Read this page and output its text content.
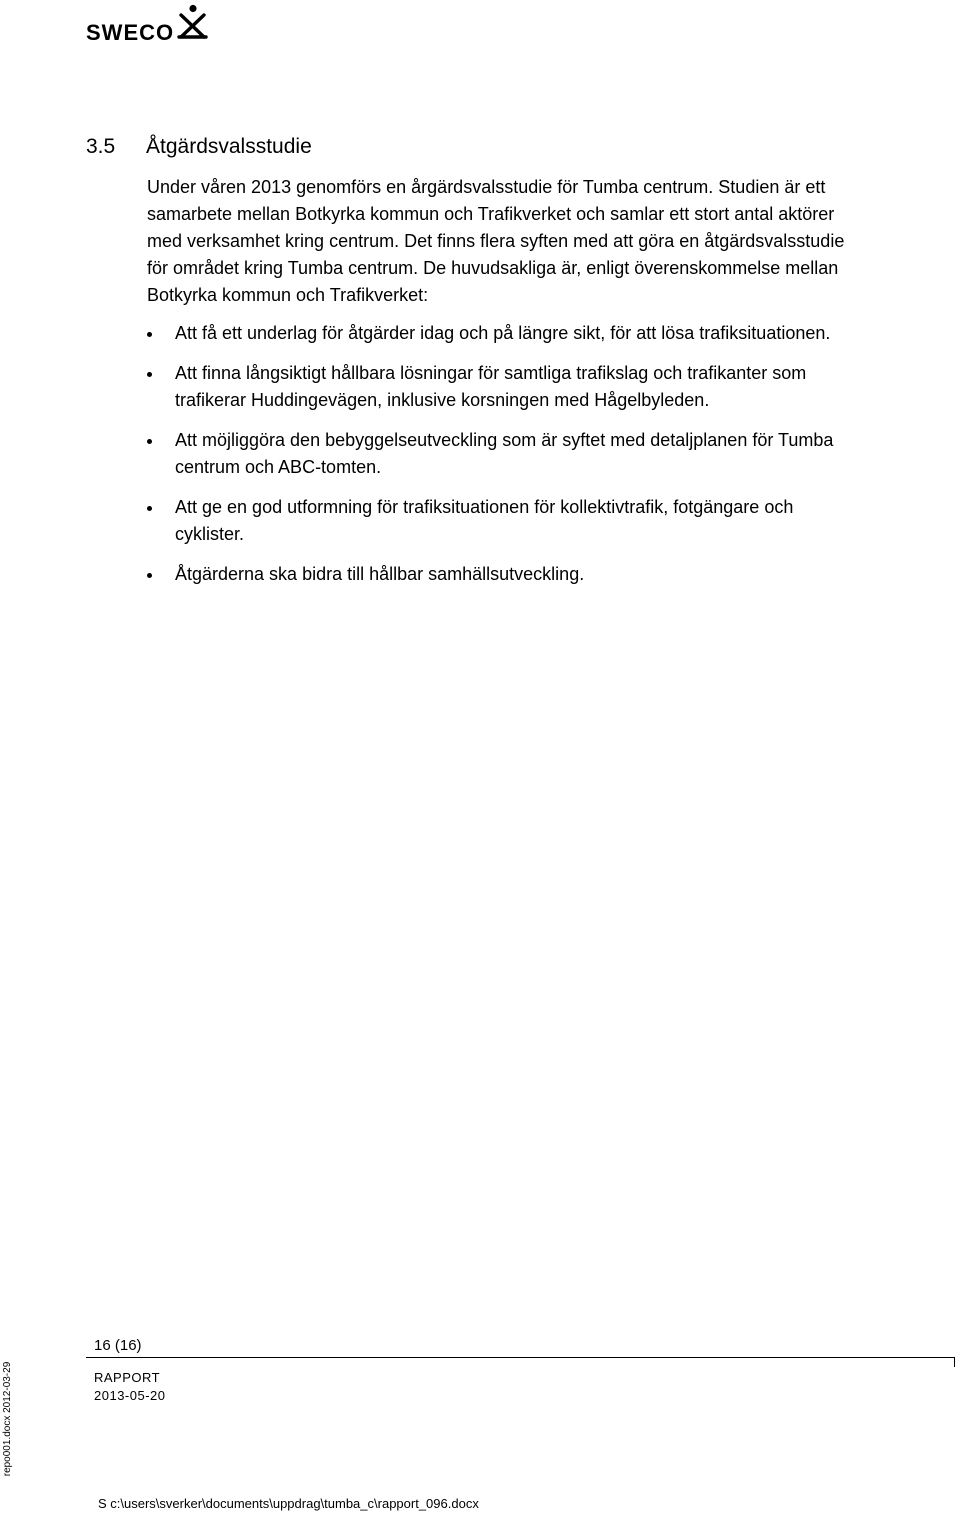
SWECO
3.5 Åtgärdsvalsstudie

Under våren 2013 genomförs en årgärdsvalsstudie för Tumba centrum. Studien är ett
samarbete mellan Botkyrka kommun och Trafikverket och samlar ett stort antal aktörer
med verksamhet kring centrum. Det finns flera syften med att göra en åtgärdsvalsstudie
för området kring Tumba centrum. De huvudsakliga är, enligt överenskommelse mellan
Botkyrka kommun och Trafikverket:

Att få ett underlag för åtgärder idag och på längre sikt, för att lösa trafiksituationen.
Att finna långsiktigt hållbara lösningar för samtliga trafikslag och trafikanter som
trafikerar Huddingevägen, inklusive korsningen med Hågelbyleden.
Att möjliggöra den bebyggelseutveckling som är syftet med detaljplanen för Tumba
centrum och ABC-tomten.
Att ge en god utformning för trafiksituationen för kollektivtrafik, fotgängare och
cyklister.
Åtgärderna ska bidra till hållbar samhällsutveckling.
16 (16)
RAPPORT
2013-05-20
S c:\users\sverker\documents\uppdrag\tumba_c\rapport_096.docx
repo001.docx 2012-03-29
